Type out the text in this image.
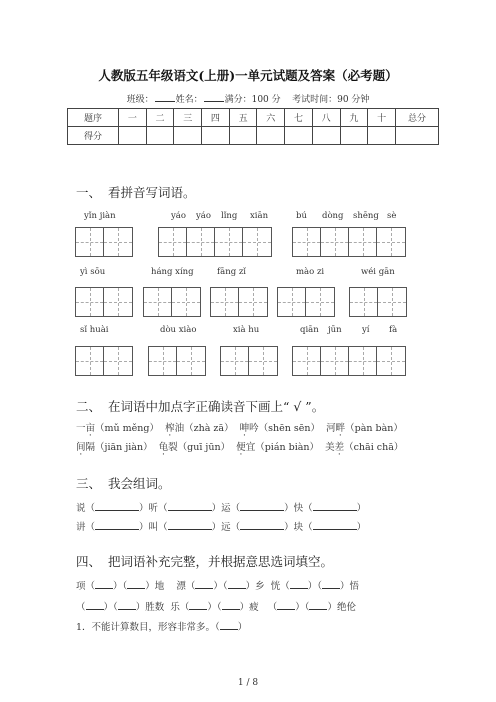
人教版五年级语文(上册)一单元试题及答案（必考题）
班级： 姓名： 满分：100 分 考试时间：90 分钟
题序	一	二	三	四	五	六	七	八	九	十	总分
得分											
一、 看拼音写词语。
yǐn jiàn	yáo yáo lǐng xiān	bú dòng shēng sè
yì sōu	háng xíng	fāng zǐ	mào zi	wéi gān
sǐ huài	dòu xiào	xià hu	qiān jūn yí fà
二、 在词语中加点字正确读音下画上“ √ ”。
一亩（mǔ měng） 榨油（zhà zā） 呻吟（shēn sēn） 河畔（pàn bàn）
间隔（jiān jiàn） 龟裂（guī jūn） 便宜（pián biàn） 美差（chāi chā）
三、 我会组词。
说（	）听（	）运（	）快（	）
讲（	）叫（	）远（	）块（	）
四、 把词语补充完整，并根据意思选词填空。
项（ ）（ ）地 漂（ ）（ ）乡 恍（ ）（ ）悟
（ ）（ ）胜数 乐（ ）（ ）疲 （ ）（ ）绝伦
1．不能计算数目，形容非常多。（ ）
1 / 8
